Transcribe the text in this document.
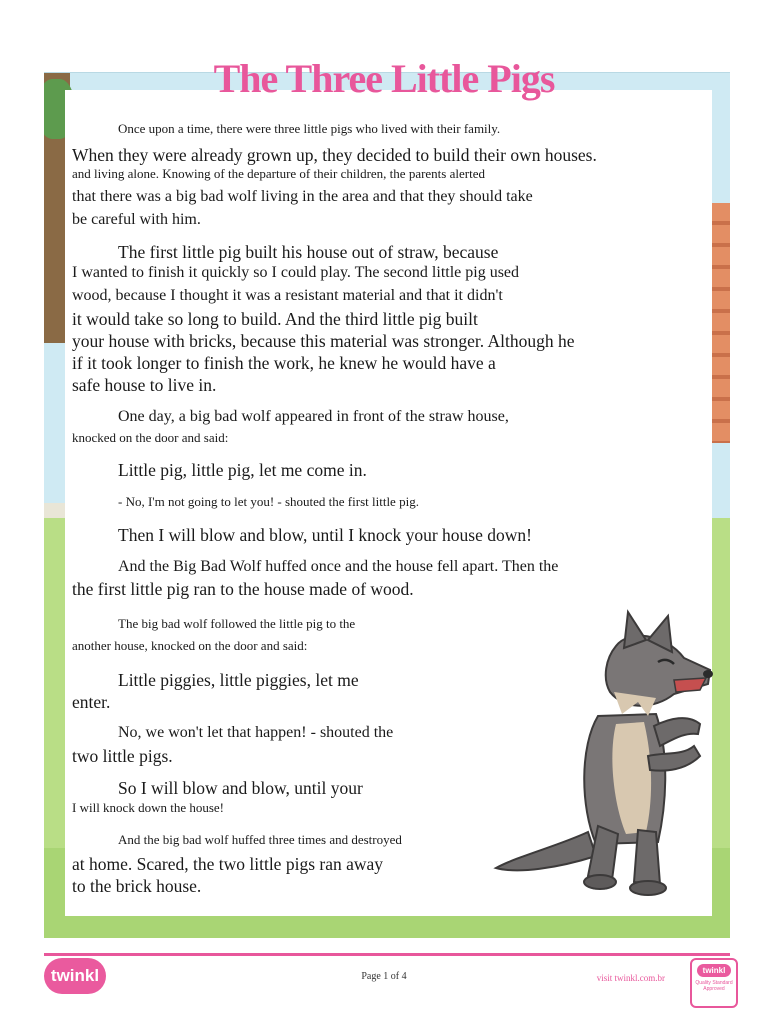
The Three Little Pigs
Once upon a time, there were three little pigs who lived with their family.
When they were already grown up, they decided to build their own houses.
and living alone. Knowing of the departure of their children, the parents alerted
that there was a big bad wolf living in the area and that they should take
be careful with him.
The first little pig built his house out of straw, because
I wanted to finish it quickly so I could play. The second little pig used
wood, because I thought it was a resistant material and that it didn't
it would take so long to build. And the third little pig built
your house with bricks, because this material was stronger. Although he
if it took longer to finish the work, he knew he would have a
safe house to live in.
One day, a big bad wolf appeared in front of the straw house,
knocked on the door and said:
Little pig, little pig, let me come in.
- No, I'm not going to let you! - shouted the first little pig.
Then I will blow and blow, until I knock your house down!
And the Big Bad Wolf huffed once and the house fell apart. Then the
the first little pig ran to the house made of wood.
The big bad wolf followed the little pig to the
another house, knocked on the door and said:
Little piggies, little piggies, let me
enter.
No, we won't let that happen! - shouted the
two little pigs.
So I will blow and blow, until your
I will knock down the house!
And the big bad wolf huffed three times and destroyed
at home. Scared, the two little pigs ran away
to the brick house.
twinkl	Page 1 of 4	visit twinkl.com.br
twinkl
Quality Standard Approved
